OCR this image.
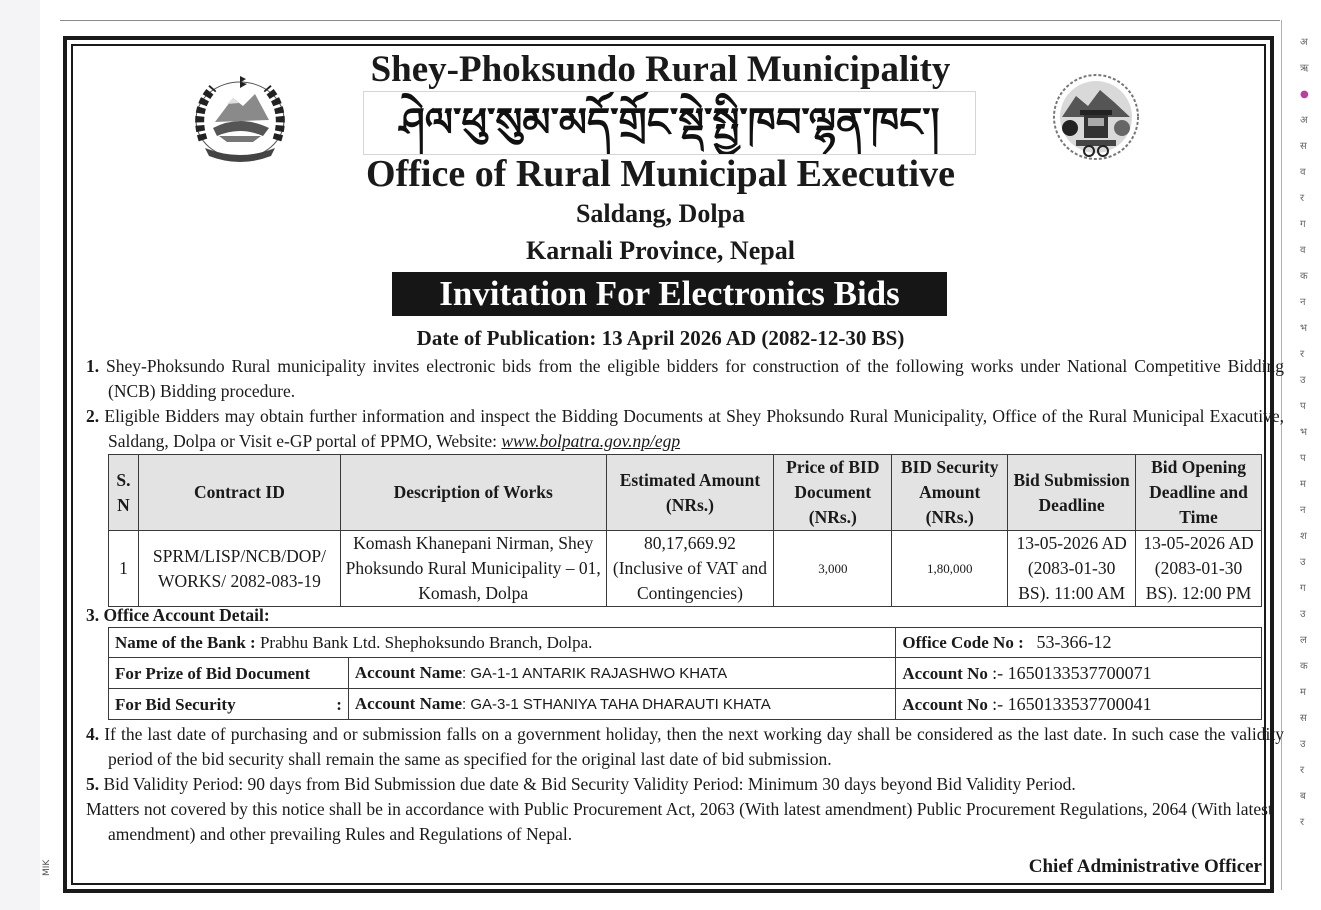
अ
ऋ
●
अ
स
व
र
ग
व
क
न
भ
र
उ
प
भ
प
म
न
श
उ
ग
उ
ल
क
म
स
उ
र
ब
र
MIK
Shey-Phoksundo Rural Municipality
ཤེལ་ཕུ་སུམ་མདོ་གྲོང་སྡེ་སྤྱི་ཁབ་ལྷན་ཁང་།
Office of Rural Municipal Executive
Saldang, Dolpa
Karnali Province, Nepal
Invitation For Electronics Bids
Date of Publication: 13 April 2026 AD (2082-12-30 BS)
1. Shey-Phoksundo Rural municipality invites electronic bids from the eligible bidders for construction of the following works under National Competitive Bidding (NCB) Bidding procedure.
2. Eligible Bidders may obtain further information and inspect the Bidding Documents at Shey Phoksundo Rural Municipality, Office of the Rural Municipal Exacutive, Saldang, Dolpa or Visit e-GP portal of PPMO, Website: www.bolpatra.gov.np/egp
S. N	Contract ID	Description of Works	Estimated Amount (NRs.)	Price of BID Document (NRs.)	BID Security Amount (NRs.)	Bid Submission Deadline	Bid Opening Deadline and Time
1	SPRM/LISP/NCB/DOP/ WORKS/ 2082-083-19	Komash Khanepani Nirman, Shey Phoksundo Rural Municipality – 01, Komash, Dolpa	80,17,669.92 (Inclusive of VAT and Contingencies)	3,000	1,80,000	13-05-2026 AD (2083-01-30 BS). 11:00 AM	13-05-2026 AD (2083-01-30 BS). 12:00 PM
3. Office Account Detail:
Name of the Bank : Prabhu Bank Ltd. Shephoksundo Branch, Dolpa.		Office Code No : 53-366-12
For Prize of Bid Document	Account Name: GA-1-1 ANTARIK RAJASHWO KHATA	Account No :- 1650133537700071
For Bid Security :	Account Name: GA-3-1 STHANIYA TAHA DHARAUTI KHATA	Account No :- 1650133537700041
4. If the last date of purchasing and or submission falls on a government holiday, then the next working day shall be considered as the last date. In such case the validity period of the bid security shall remain the same as specified for the original last date of bid submission.
5. Bid Validity Period: 90 days from Bid Submission due date & Bid Security Validity Period: Minimum 30 days beyond Bid Validity Period.
Matters not covered by this notice shall be in accordance with Public Procurement Act, 2063 (With latest amendment) Public Procurement Regulations, 2064 (With latest amendment) and other prevailing Rules and Regulations of Nepal.
Chief Administrative Officer
